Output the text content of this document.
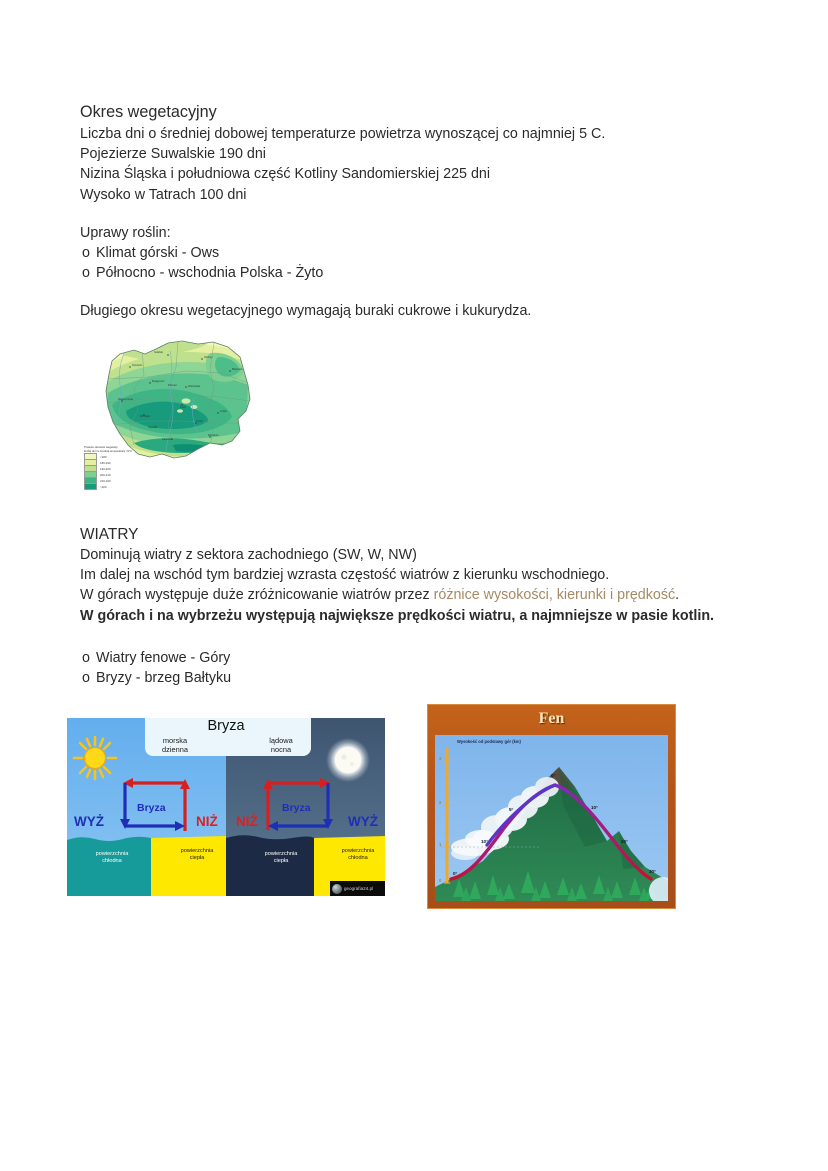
Okres wegetacyjny
Liczba dni o średniej dobowej temperaturze powietrza wynoszącej co najmniej 5 C.
Pojezierze Suwalskie 190 dni
Nizina Śląska i południowa część Kotliny Sandomierskiej 225 dni
Wysoko w Tatrach 100 dni
Uprawy roślin:
o Klimat górski - Ows
o Północno - wschodnia Polska - Żyto
Długiego okresu wegetacyjnego wymagają buraki cukrowe i kukurydza.
Szczecin
Gdańsk
Olsztyn
Białystok
Bydgoszcz
Poznań	Warszawa
Łódź
Lublin
Zielona Góra
Wrocław
Kielce
Opole
Katowice
Rzeszów
Trwanie okresów wegetacji
liczba dni ze średnią temperaturą >5°C
<180
180-190
190-200
200-210
210-220
>220
WIATRY
Dominują wiatry z sektora zachodniego (SW, W, NW)
Im dalej na wschód tym bardziej wzrasta częstość wiatrów z kierunku wschodniego.
W górach występuje duże zróżnicowanie wiatrów przez różnice wysokości, kierunki i prędkość.
W górach i na wybrzeżu występują największe prędkości wiatru, a najmniejsze w pasie kotlin.
o Wiatry fenowe - Góry
o Bryzy - brzeg Bałtyku
WYŻ	NIŻ
Bryza
powierzchnia
chłodna
powierzchnia
ciepła
NIŻ	WYŻ
Bryza
powierzchnia
ciepła
powierzchnia
chłodna
Bryza
morska
dzienna
lądowa
nocna
geografia24.pl
Fen
Wysokość od podstawy gór (km)
0
1
2
3
0°
10°
5°
0°
10°
20°
30°
poziom
kondensacji
